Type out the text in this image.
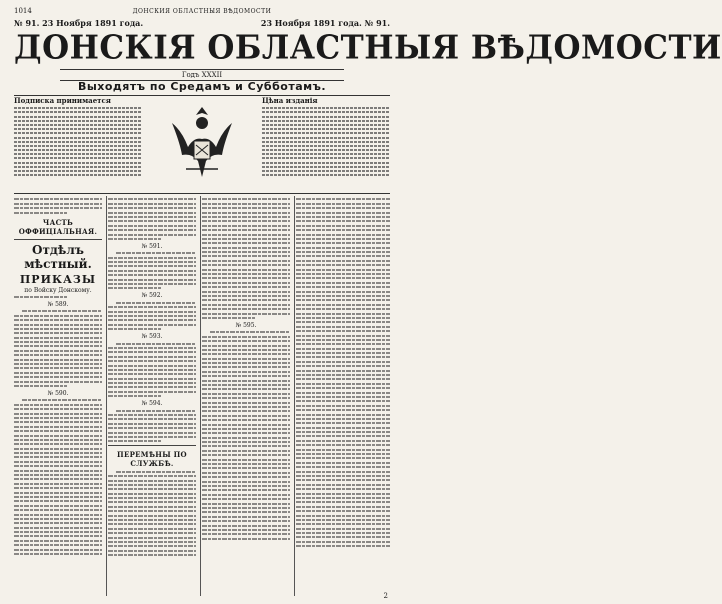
1014	ДОНСКИЯ ОБЛАСТНЫЯ ВѢДОМОСТИ
№ 91. 23 Ноября 1891 года.	23 Ноября 1891 года. № 91.
ДОНСКІЯ ОБЛАСТНЫЯ ВѢДОМОСТИ
Годъ XXXII
Выходятъ по Средамъ и Субботамъ.
Подписка принимается	Цѣна изданія
ЧАСТЬ ОФФИЦІАЛЬНАЯ.
Отдѣлъ мѣстный.
ПРИКАЗЫ
по Войску Донскому.
№ 589.
№ 590.
№ 591.
№ 592.
№ 593.
№ 594.
ПЕРЕМѢНЫ ПО СЛУЖБѢ.
№ 595.
2
